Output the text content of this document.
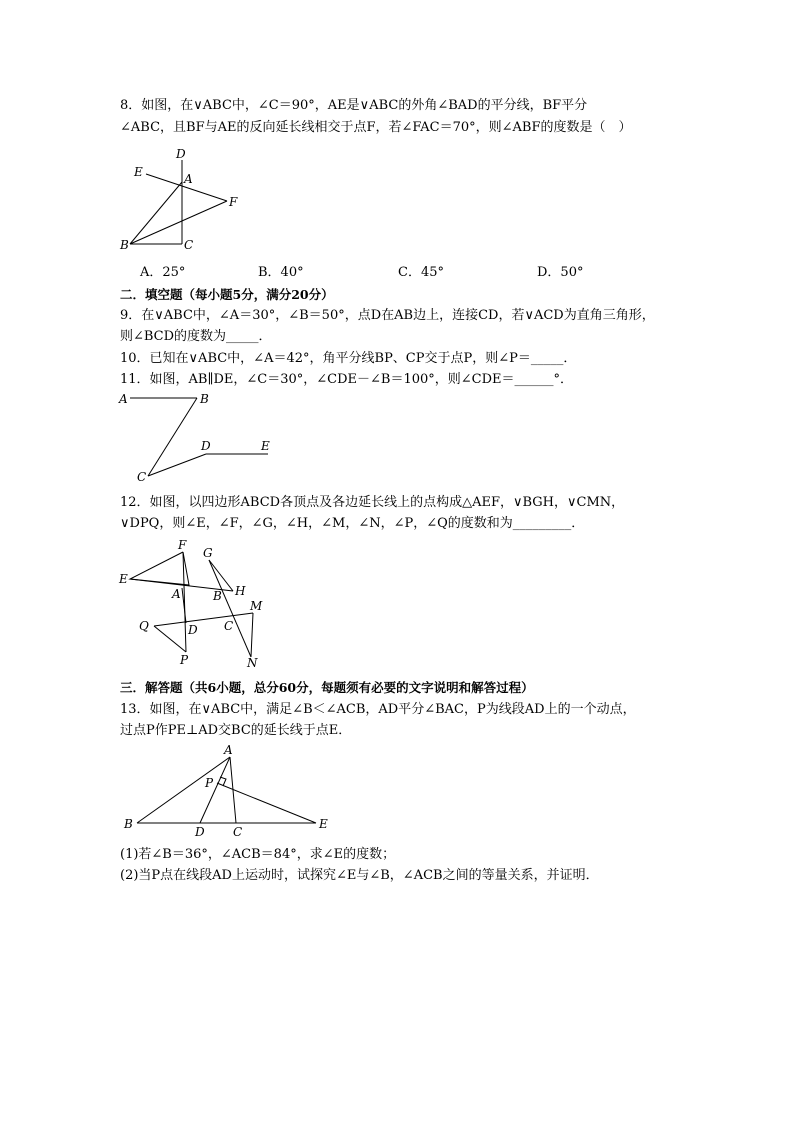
8．如图，在∨ABC中，∠C＝90°，AE是∨ABC的外角∠BAD的平分线，BF平分
∠ABC，且BF与AE的反向延长线相交于点F，若∠FAC＝70°，则∠ABF的度数是（　）
D
E	A
F
B	C
A．25°	B．40°	C．45°	D．50°
二．填空题（每小题5分，满分20分）
9．在∨ABC中，∠A＝30°，∠B＝50°，点D在AB边上，连接CD，若∨ACD为直角三角形，
则∠BCD的度数为_____．
10．已知在∨ABC中，∠A＝42°，角平分线BP、CP交于点P，则∠P＝_____．
11．如图，AB∥DE，∠C＝30°，∠CDE－∠B＝100°，则∠CDE＝______°．
A	B
C
D	E
12．如图，以四边形ABCD各顶点及各边延长线上的点构成△AEF，∨BGH，∨CMN，
∨DPQ，则∠E，∠F，∠G，∠H，∠M，∠N，∠P，∠Q的度数和为_________．
F
G
E
A	B H
M
Q	D C
P	N
三．解答题（共6小题，总分60分，每题须有必要的文字说明和解答过程）
13．如图，在∨ABC中，满足∠B＜∠ACB，AD平分∠BAC，P为线段AD上的一个动点，
过点P作PE⊥AD交BC的延长线于点E．
A
P
B
D C
E
(1)若∠B＝36°，∠ACB＝84°，求∠E的度数；
(2)当P点在线段AD上运动时，试探究∠E与∠B，∠ACB之间的等量关系，并证明．
